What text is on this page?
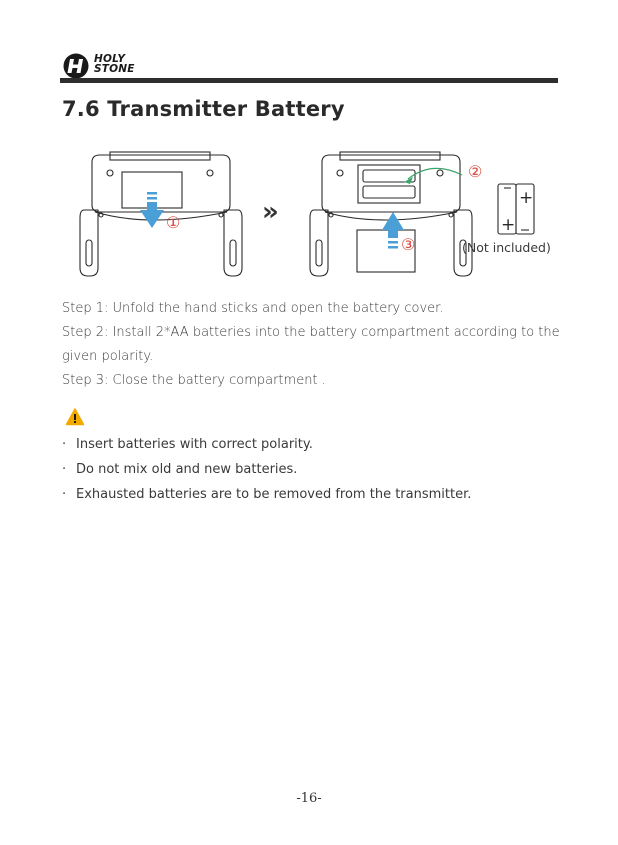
HOLY
STONE
7.6 Transmitter Battery
①	»
②
+
+
③	(Not included)

Step 1: Unfold the hand sticks and open the battery cover.

Step 2: Install 2*AA batteries into the battery compartment according to the

given polarity.

Step 3: Close the battery compartment .

· Insert batteries with correct polarity.
· Do not mix old and new batteries.
· Exhausted batteries are to be removed from the transmitter.
-16-
